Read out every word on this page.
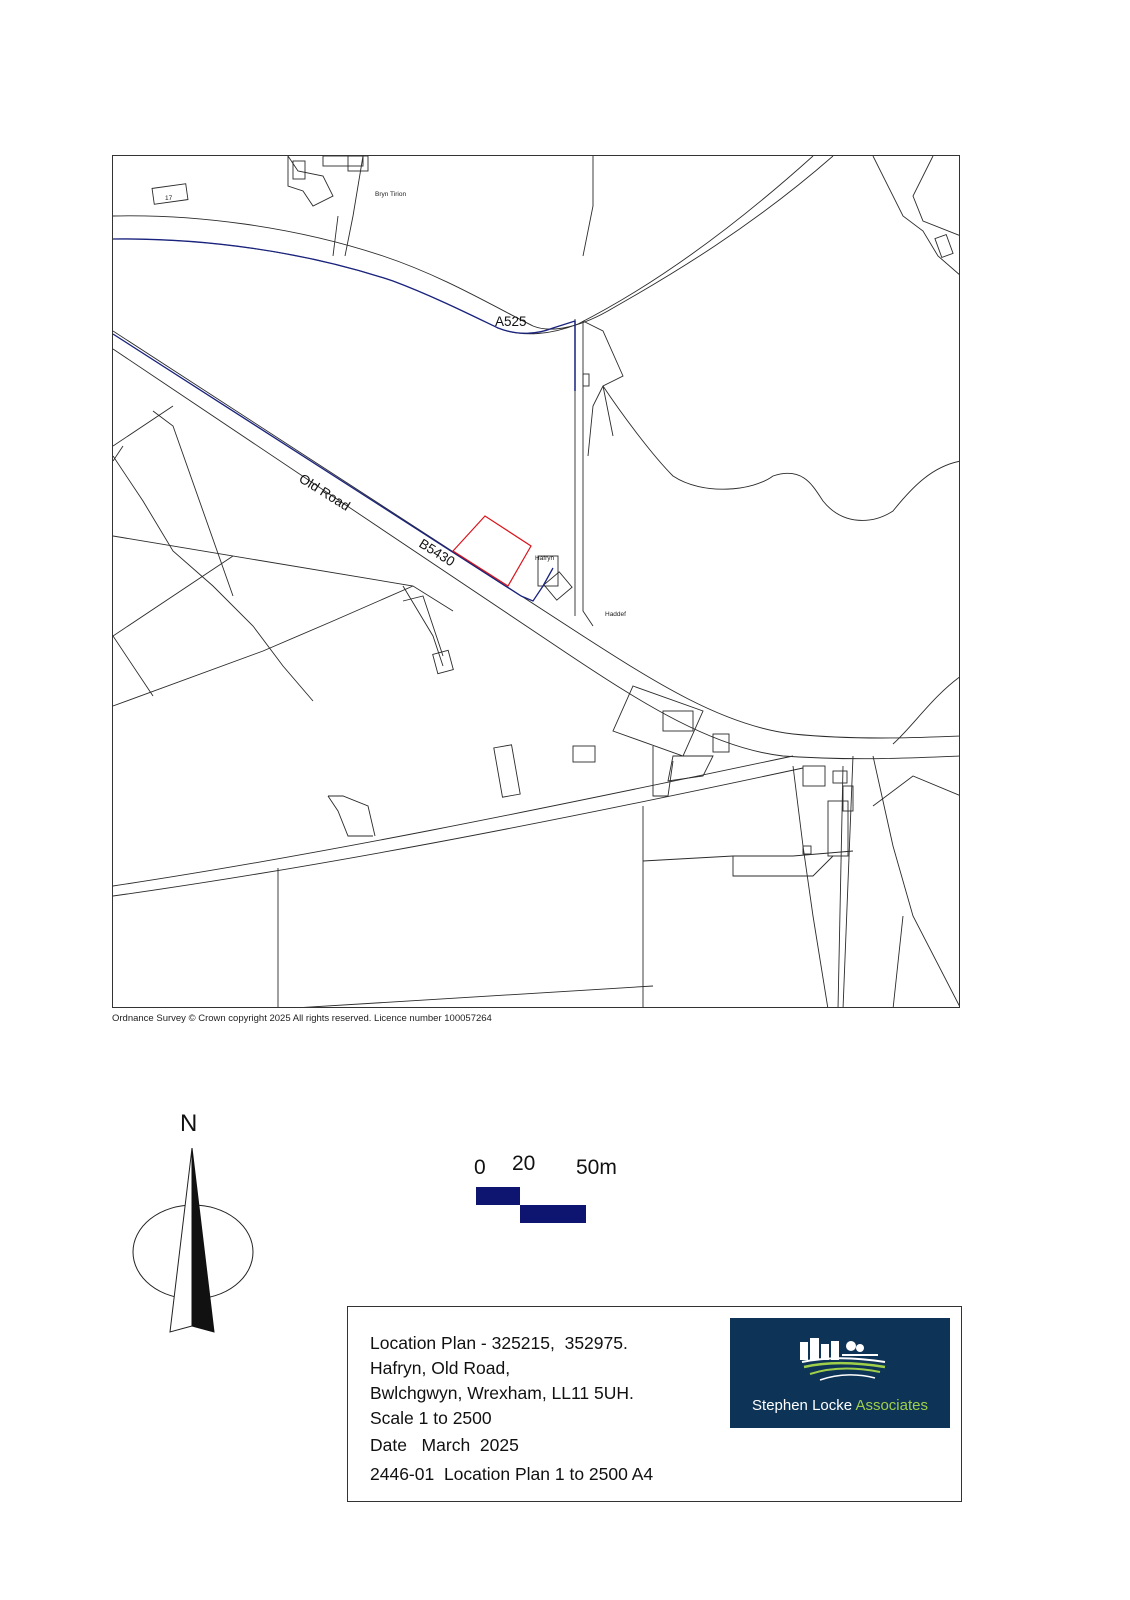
A525
Old Road
B5430
Bryn Tirion
Hafryn
Haddef
17
Ordnance Survey © Crown copyright 2025 All rights reserved. Licence number 100057264
N
0 20 50m
Location Plan - 325215,  352975.
Hafryn, Old Road,
Bwlchgwyn, Wrexham, LL11 5UH.
Scale 1 to 2500
Date   March  2025
2446-01  Location Plan 1 to 2500 A4
Stephen Locke Associates
